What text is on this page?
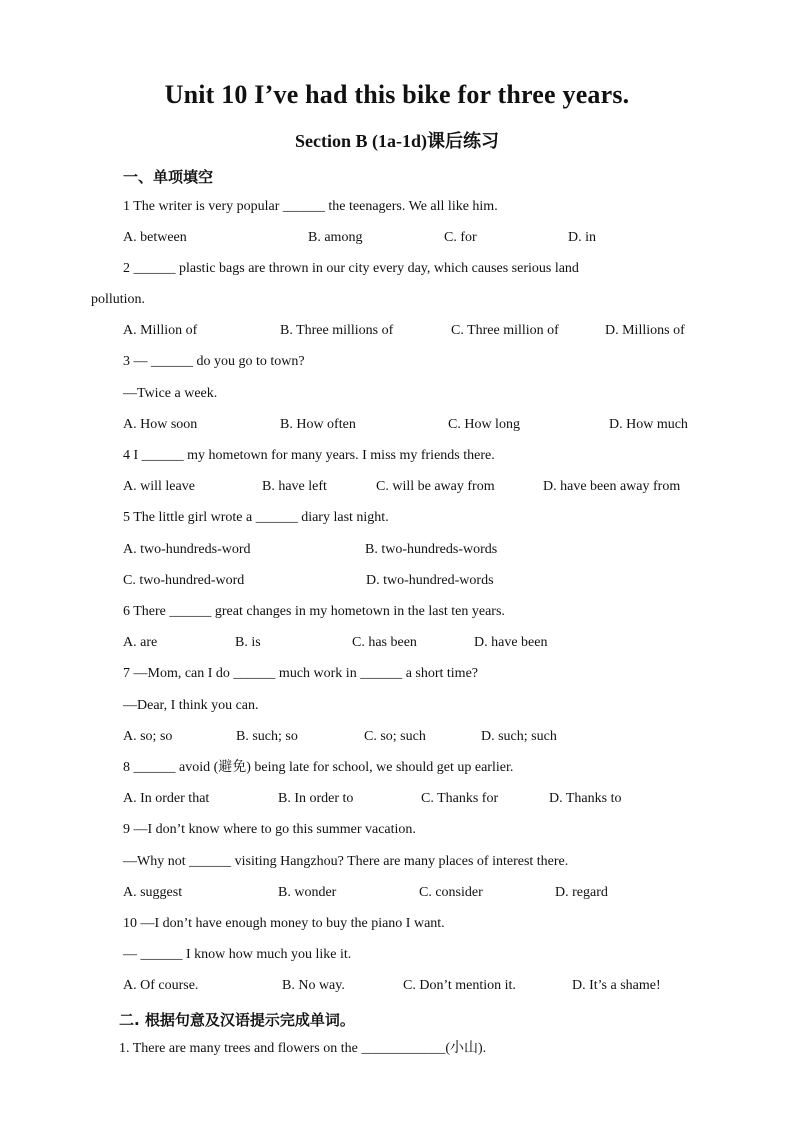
Unit 10 I’ve had this bike for three years.
Section B (1a-1d)课后练习
一、单项填空
1 The writer is very popular ______ the teenagers. We all like him.
A. between	B. among	C. for	D. in
2 ______ plastic bags are thrown in our city every day, which causes serious land
pollution.
A. Million of	B. Three millions of	C. Three million of	D. Millions of
3 — ______ do you go to town?
—Twice a week.
A. How soon	B. How often	C. How long	D. How much
4 I ______ my hometown for many years. I miss my friends there.
A. will leave	B. have left	C. will be away from	D. have been away from
5 The little girl wrote a ______ diary last night.
A. two-hundreds-word	B. two-hundreds-words
C. two-hundred-word	D. two-hundred-words
6 There ______ great changes in my hometown in the last ten years.
A. are	B. is	C. has been	D. have been
7 —Mom, can I do ______ much work in ______ a short time?
—Dear, I think you can.
A. so; so	B. such; so	C. so; such	D. such; such
8 ______ avoid (避免) being late for school, we should get up earlier.
A. In order that	B. In order to	C. Thanks for	D. Thanks to
9 —I don’t know where to go this summer vacation.
—Why not ______ visiting Hangzhou? There are many places of interest there.
A. suggest	B. wonder	C. consider	D. regard
10 —I don’t have enough money to buy the piano I want.
— ______ I know how much you like it.
A. Of course.	B. No way.	C. Don’t mention it.	D. It’s a shame!
二. 根据句意及汉语提示完成单词。
1. There are many trees and flowers on the ____________(小山).
